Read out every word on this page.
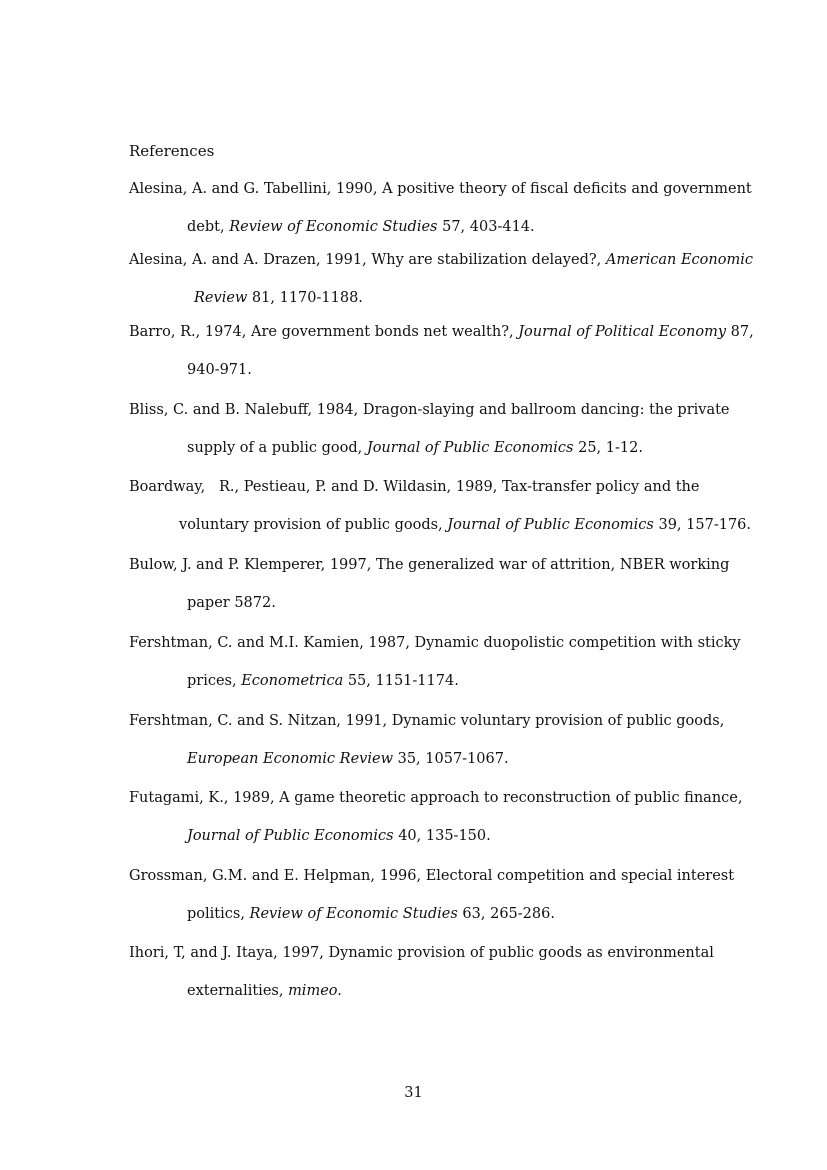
References
Alesina, A. and G. Tabellini, 1990, A positive theory of fiscal deficits and government
debt, Review of Economic Studies 57, 403-414.
Alesina, A. and A. Drazen, 1991, Why are stabilization delayed?, American Economic
Review 81, 1170-1188.
Barro, R., 1974, Are government bonds net wealth?, Journal of Political Economy 87,
940-971.
Bliss, C. and B. Nalebuff, 1984, Dragon-slaying and ballroom dancing: the private
supply of a public good, Journal of Public Economics 25, 1-12.
Boardway,   R., Pestieau, P. and D. Wildasin, 1989, Tax-transfer policy and the
voluntary provision of public goods, Journal of Public Economics 39, 157-176.
Bulow, J. and P. Klemperer, 1997, The generalized war of attrition, NBER working
paper 5872.
Fershtman, C. and M.I. Kamien, 1987, Dynamic duopolistic competition with sticky
prices, Econometrica 55, 1151-1174.
Fershtman, C. and S. Nitzan, 1991, Dynamic voluntary provision of public goods,
European Economic Review 35, 1057-1067.
Futagami, K., 1989, A game theoretic approach to reconstruction of public finance,
Journal of Public Economics 40, 135-150.
Grossman, G.M. and E. Helpman, 1996, Electoral competition and special interest
politics, Review of Economic Studies 63, 265-286.
Ihori, T, and J. Itaya, 1997, Dynamic provision of public goods as environmental
externalities, mimeo.
31
